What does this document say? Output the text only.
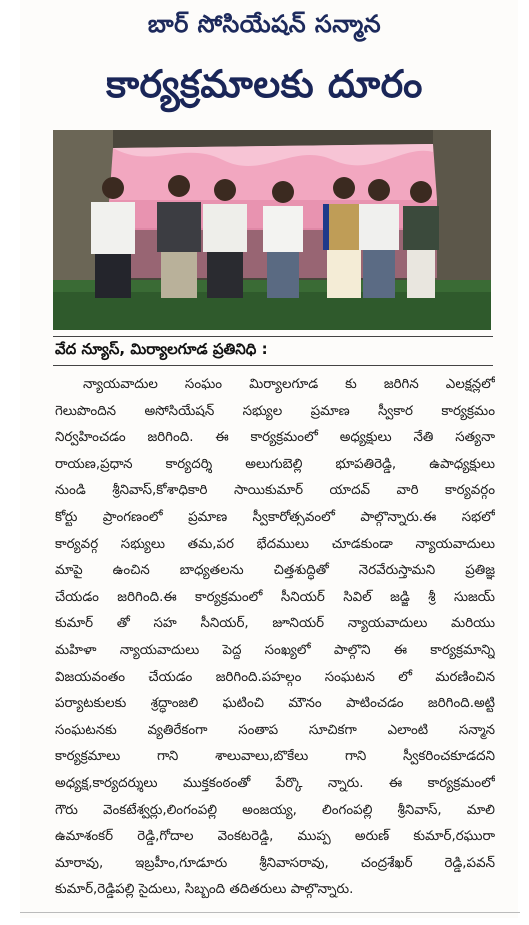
బార్ సోసియేషన్ సన్మాన
కార్యక్రమాలకు దూరం
వేద న్యూస్, మిర్యాలగూడ ప్రతినిధి :
న్యాయవాదుల సంఘం మిర్యాలగూడ కు జరిగిన ఎలక్షన్లలో
గెలుపొందిన అసోసియేషన్ సభ్యుల ప్రమాణ స్వీకార కార్యక్రమం
నిర్వహించడం జరిగింది. ఈ కార్యక్రమంలో అధ్యక్షులు నేతి సత్యనా
రాయణ,ప్రధాన కార్యదర్శి అలుగుబెల్లి భూపతిరెడ్డి, ఉపాధ్యక్షులు
నుండి శ్రీనివాస్,కోశాధికారి సాయికుమార్ యాదవ్ వారి కార్యవర్గం
కోర్టు ప్రాంగణంలో ప్రమాణ స్వీకారోత్సవంలో పాల్గొన్నారు.ఈ సభలో
కార్యవర్గ సభ్యులు తమ,పర భేదములు చూడకుండా న్యాయవాదులు
మాపై ఉంచిన బాధ్యతలను చిత్తశుద్ధితో నెరవేరుస్తామని ప్రతిజ్ఞ
చేయడం జరిగింది.ఈ కార్యక్రమంలో సీనియర్ సివిల్ జడ్జి శ్రీ సుజయ్
కుమార్ తో సహ సీనియర్, జూనియర్ న్యాయవాదులు మరియు
మహిళా న్యాయవాదులు పెద్ద సంఖ్యలో పాల్గొని ఈ కార్యక్రమాన్ని
విజయవంతం చేయడం జరిగింది.పహల్గం సంఘటన లో మరణించిన
పర్యాటకులకు శ్రద్ధాంజలి ఘటించి మౌనం పాటించడం జరిగింది.అట్టి
సంఘటనకు వ్యతిరేకంగా సంతాప సూచికగా ఎలాంటి సన్మాన
కార్యక్రమాలు గాని శాలువాలు,బొకేలు గాని స్వీకరించకూడదని
అధ్యక్ష,కార్యదర్శులు ముక్తకంఠంతో పేర్కొ న్నారు. ఈ కార్యక్రమంలో
గౌరు వెంకటేశ్వర్లు,లింగంపల్లి అంజయ్య, లింగంపల్లి శ్రీనివాస్, మాలి
ఉమాశంకర్ రెడ్డి,గోదాల వెంకటరెడ్డి, ముప్ప అరుణ్ కుమార్,రఘురా
మారావు, ఇబ్రహీం,గూడూరు శ్రీనివాసరావు, చంద్రశేఖర్ రెడ్డి,పవన్
కుమార్,రెడ్డిపల్లి సైదులు, సిబ్బంది తదితరులు పాల్గొన్నారు.
